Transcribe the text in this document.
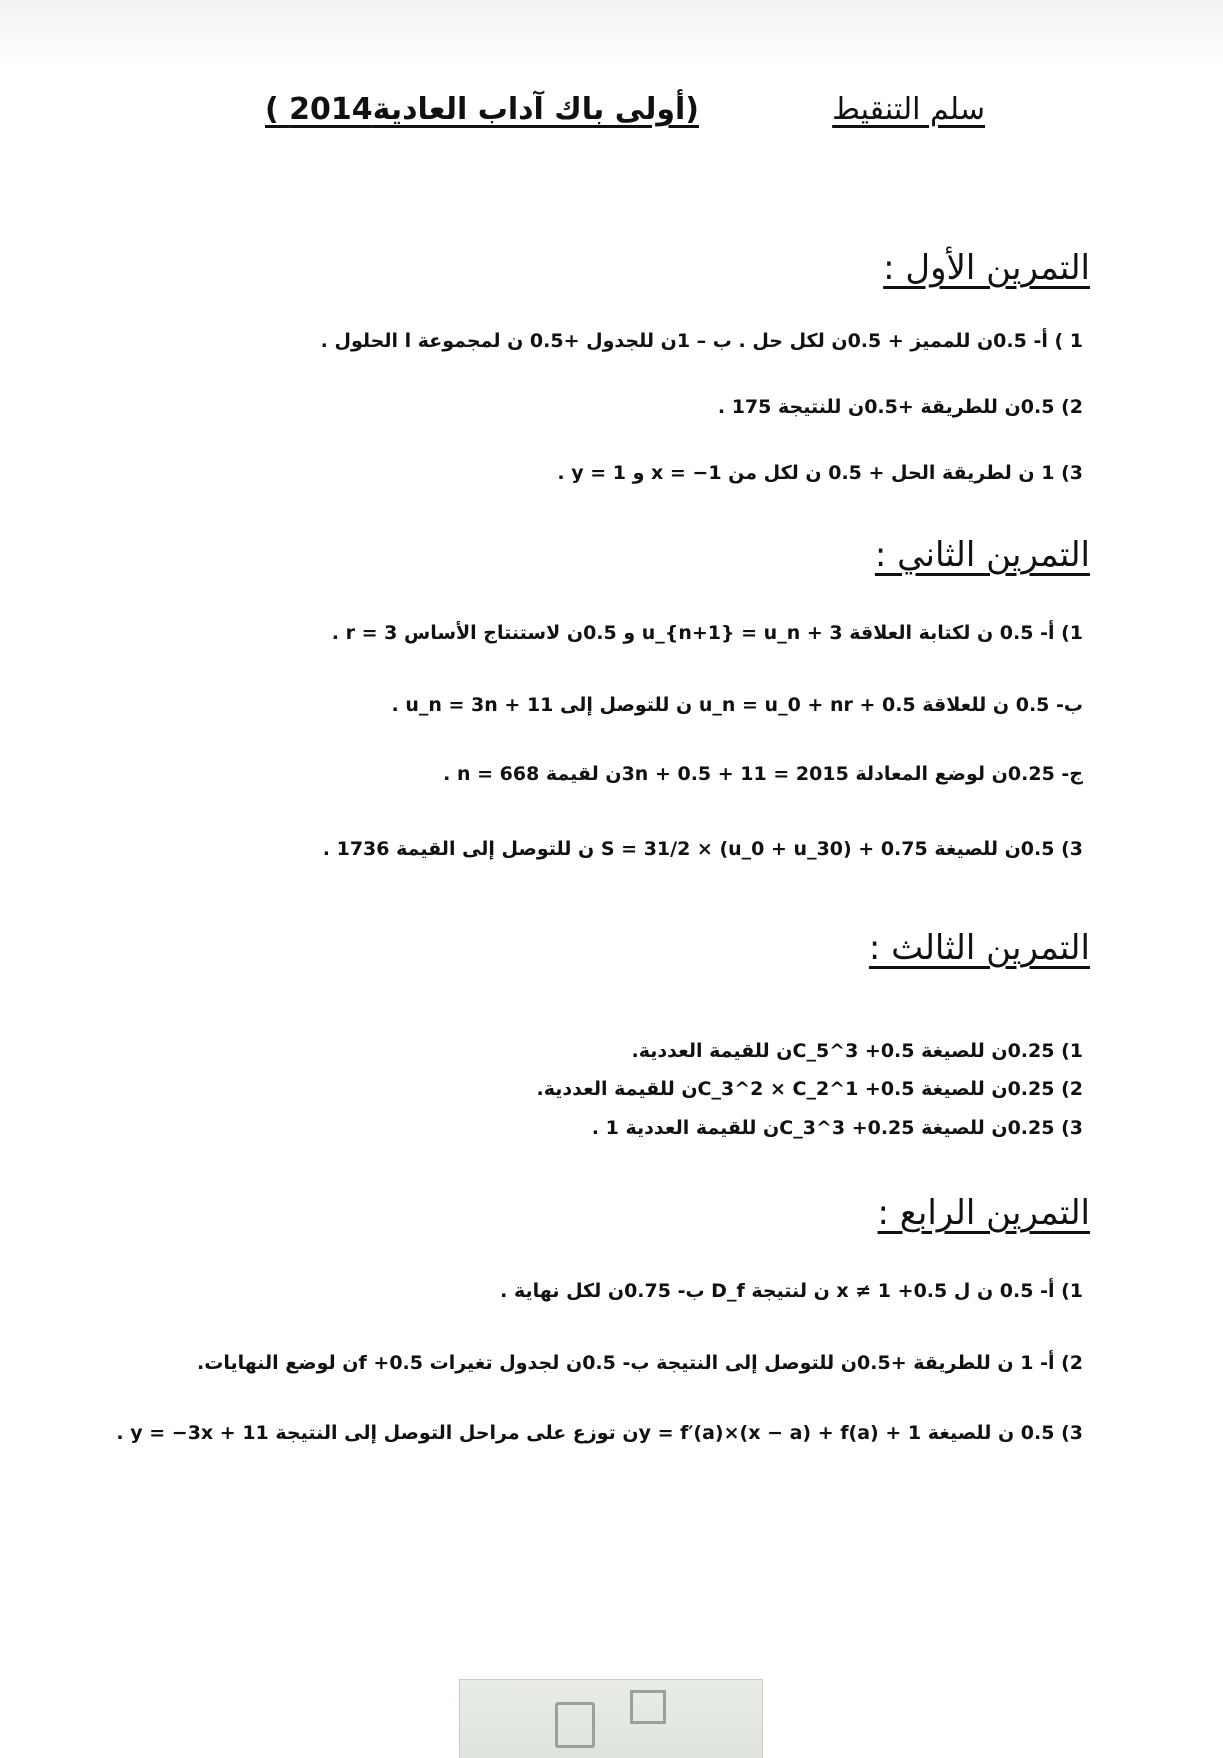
سلم التنقيط
(أولى باك آداب العادية2014 )
التمرين الأول :
1 ) أ- 0.5ن للمميز + 0.5ن لكل حل . ب – 1ن للجدول +0.5 ن لمجموعة ا الحلول .
2) 0.5ن للطريقة +0.5ن للنتيجة 175 .
3) 1 ن لطريقة الحل + 0.5 ن لكل من x = −1 و y = 1 .
التمرين الثاني :
1) أ- 0.5 ن لكتابة العلاقة u_{n+1} = u_n + 3 و 0.5ن لاستنتاج الأساس r = 3 .
ب- 0.5 ن للعلاقة u_n = u_0 + nr + 0.5 ن للتوصل إلى u_n = 3n + 11 .
ج- 0.25ن لوضع المعادلة 2015 = 11 + 3n + 0.5ن لقيمة n = 668 .
3) 0.5ن للصيغة S = 31/2 × (u_0 + u_30) + 0.75 ن للتوصل إلى القيمة 1736 .
التمرين الثالث :
1) 0.25ن للصيغة C_5^3 +0.5ن للقيمة العددية.
2) 0.25ن للصيغة C_3^2 × C_2^1 +0.5ن للقيمة العددية.
3) 0.25ن للصيغة C_3^3 +0.25ن للقيمة العددية 1 .
التمرين الرابع :
1) أ- 0.5 ن ل x ≠ 1 +0.5 ن لنتيجة D_f ب- 0.75ن لكل نهاية .
2) أ- 1 ن للطريقة +0.5ن للتوصل إلى النتيجة ب- 0.5ن لجدول تغيرات f +0.5ن لوضع النهايات.
3) 0.5 ن للصيغة y = f′(a)×(x − a) + f(a) + 1ن توزع على مراحل التوصل إلى النتيجة y = −3x + 11 .
